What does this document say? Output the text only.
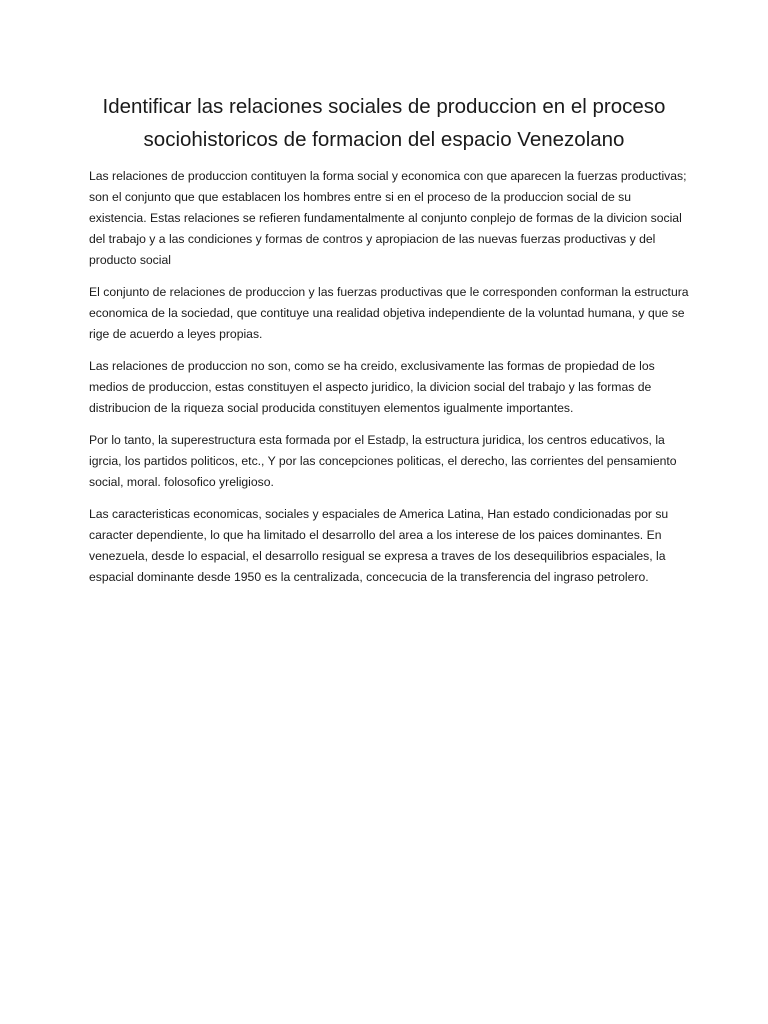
Identificar las relaciones sociales de produccion en el proceso
sociohistoricos de formacion del espacio Venezolano

Las relaciones de produccion contituyen la forma social y economica con que aparecen la fuerzas productivas; son el conjunto que que establacen los hombres entre si en el proceso de la produccion social de su existencia. Estas relaciones se refieren fundamentalmente al conjunto conplejo de formas de la divicion social del trabajo y a las condiciones y formas de contros y apropiacion de las nuevas fuerzas productivas y del producto social

El conjunto de relaciones de produccion y las fuerzas productivas que le corresponden conforman la estructura economica de la sociedad, que contituye una realidad objetiva independiente de la voluntad humana, y que se rige de acuerdo a leyes propias.

Las relaciones de produccion no son, como se ha creido, exclusivamente las formas de propiedad de los medios de produccion, estas constituyen el aspecto juridico, la divicion social del trabajo y las formas de distribucion de la riqueza social producida constituyen elementos igualmente importantes.

Por lo tanto, la superestructura esta formada por el Estadp, la estructura juridica, los centros educativos, la igrcia, los partidos politicos, etc., Y por las concepciones politicas, el derecho, las corrientes del pensamiento social, moral. folosofico yreligioso.

Las caracteristicas economicas, sociales y espaciales de America Latina, Han estado condicionadas por su caracter dependiente, lo que ha limitado el desarrollo del area a los interese de los paices dominantes. En venezuela, desde lo espacial, el desarrollo resigual se expresa a traves de los desequilibrios espaciales, la espacial dominante desde 1950 es la centralizada, concecucia de la transferencia del ingraso petrolero.
